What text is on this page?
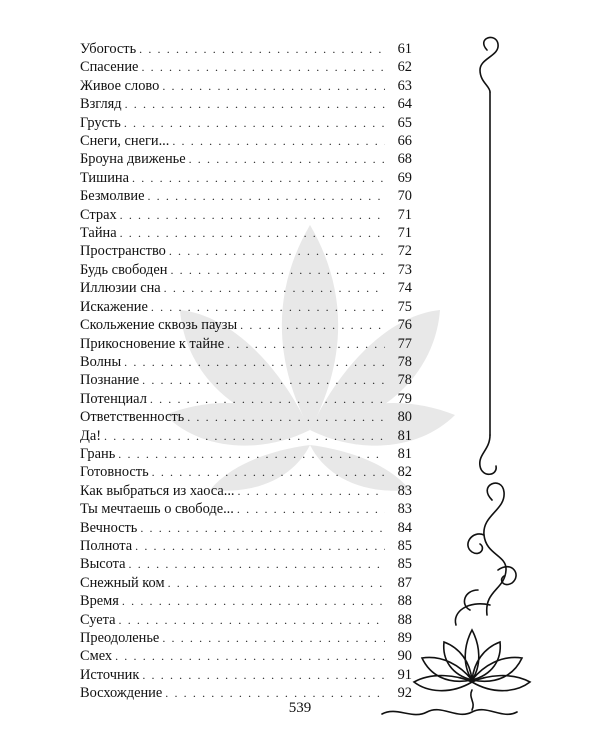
Убогость . . .	61
Спасение . . .	62
Живое слово . . .	63
Взгляд . . .	64
Грусть . . .	65
Снеги, снеги... . . .	66
Броуна движенье . . .	68
Тишина . . .	69
Безмолвие . . .	70
Страх . . .	71
Тайна . . .	71
Пространство . . .	72
Будь свободен . . .	73
Иллюзии сна . . .	74
Искажение . . .	75
Скольжение сквозь паузы . . .	76
Прикосновение к тайне . . .	77
Волны . . .	78
Познание . . .	78
Потенциал . . .	79
Ответственность . . .	80
Да! . . .	81
Грань . . .	81
Готовность . . .	82
Как выбраться из хаоса... . . .	83
Ты мечтаешь о свободе... . . .	83
Вечность . . .	84
Полнота . . .	85
Высота . . .	85
Снежный ком . . .	87
Время . . .	88
Суета . . .	88
Преодоленье . . .	89
Смех . . .	90
Источник . . .	91
Восхождение . . .	92
539
